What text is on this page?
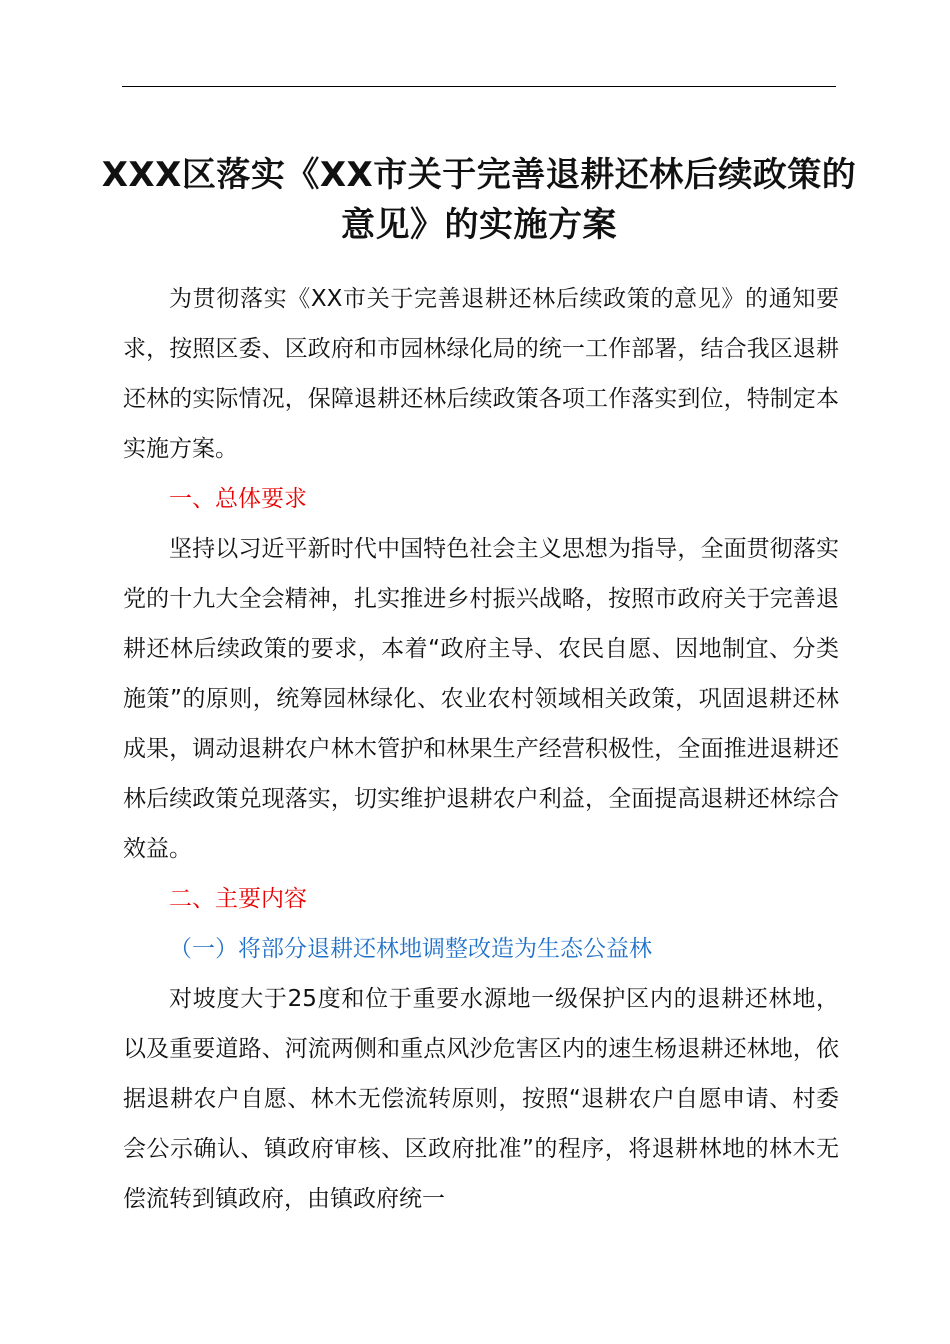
XXX区落实《XX市关于完善退耕还林后续政策的意见》的实施方案

为贯彻落实《XX市关于完善退耕还林后续政策的意见》的通知要求，按照区委、区政府和市园林绿化局的统一工作部署，结合我区退耕还林的实际情况，保障退耕还林后续政策各项工作落实到位，特制定本实施方案。

一、总体要求

坚持以习近平新时代中国特色社会主义思想为指导，全面贯彻落实党的十九大全会精神，扎实推进乡村振兴战略，按照市政府关于完善退耕还林后续政策的要求，本着“政府主导、农民自愿、因地制宜、分类施策”的原则，统筹园林绿化、农业农村领域相关政策，巩固退耕还林成果，调动退耕农户林木管护和林果生产经营积极性，全面推进退耕还林后续政策兑现落实，切实维护退耕农户利益，全面提高退耕还林综合效益。

二、主要内容

（一）将部分退耕还林地调整改造为生态公益林

对坡度大于25度和位于重要水源地一级保护区内的退耕还林地，以及重要道路、河流两侧和重点风沙危害区内的速生杨退耕还林地，依据退耕农户自愿、林木无偿流转原则，按照“退耕农户自愿申请、村委会公示确认、镇政府审核、区政府批准”的程序，将退耕林地的林木无偿流转到镇政府，由镇政府统一
